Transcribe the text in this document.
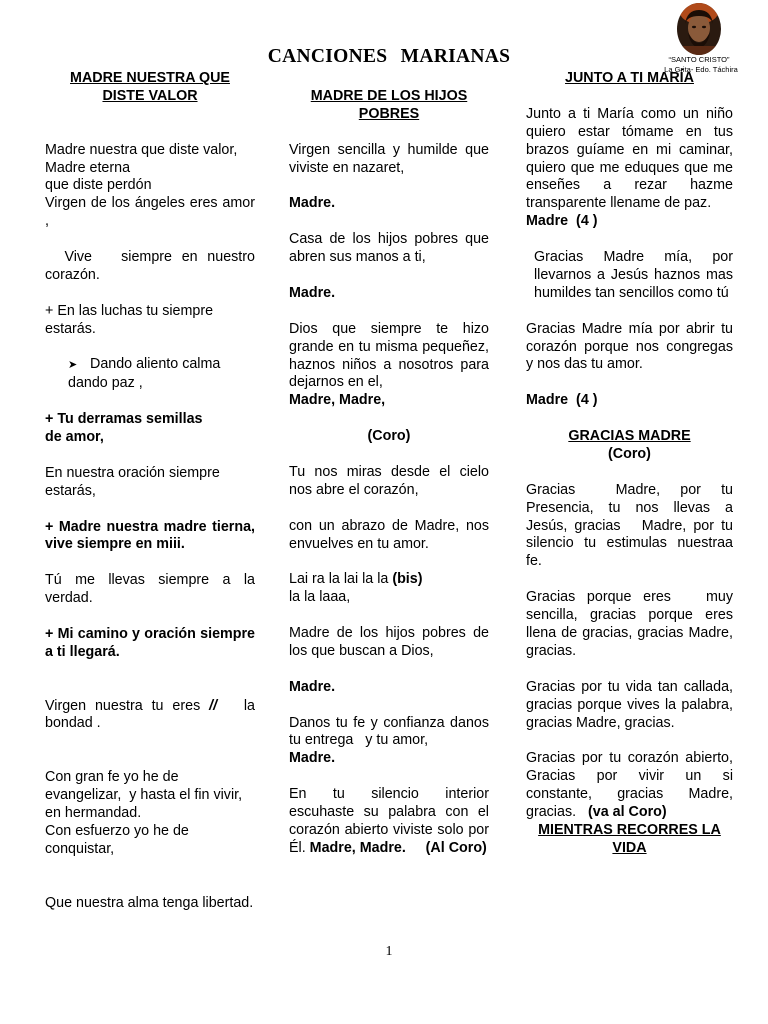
“SANTO CRISTO”
La Grita- Edo. Táchira
CANCIONES MARIANAS

MADRE NUESTRA QUE
DISTE VALOR

Madre nuestra que diste valor,

Madre eterna

que diste perdón

Virgen de los ángeles eres amor ,

Vive   siempre en nuestro corazón.

+ En las luchas tu siempre estarás.

➤ Dando aliento calma

dando paz ,

+ Tu derramas semillas

de amor,

En nuestra oración siempre estarás,

+ Madre nuestra madre tierna, vive siempre en miii.

Tú me llevas siempre a la verdad.

+ Mi camino y oración siempre a ti llegará.

Virgen nuestra tu eres //   la bondad .

Con gran fe yo he de evangelizar,  y hasta el fin vivir,     en hermandad.

Con esfuerzo yo he de conquistar,

Que nuestra alma tenga libertad.

MADRE DE LOS HIJOS
POBRES

Virgen sencilla y humilde que viviste en nazaret,

Madre.

Casa de los hijos pobres que abren sus manos a ti,

Madre.

Dios que siempre te hizo grande en tu misma pequeñez, haznos niños a nosotros para dejarnos en el,

Madre, Madre,

(Coro)

Tu nos miras desde el cielo nos abre el corazón,

con un abrazo de Madre, nos envuelves en tu amor.

Lai ra la lai la la (bis)

la la laaa,

Madre de los hijos pobres de los que buscan a Dios,

Madre.

Danos tu fe y confianza danos tu entrega   y tu amor,

Madre.

En tu silencio interior escuhaste su palabra con el corazón abierto viviste solo por Él. Madre, Madre.     (Al Coro)

JUNTO A TI MARÍA

Junto a ti María como un niño quiero estar tómame en tus brazos guíame en mi caminar, quiero que me eduques que me enseñes a rezar hazme transparente llename de paz.

Madre  (4 )

Gracias Madre mía, por llevarnos a Jesús haznos mas humildes tan sencillos como tú

Gracias Madre mía por abrir tu corazón porque nos congregas y nos das tu amor.

Madre  (4 )

GRACIAS MADRE

(Coro)

Gracias  Madre, por tu Presencia, tu nos llevas a Jesús, gracias   Madre, por tu silencio tu estimulas nuestraa fe.

Gracias porque eres   muy sencilla, gracias porque eres llena de gracias, gracias Madre, gracias.

Gracias por tu vida tan callada, gracias porque vives la palabra,   gracias Madre, gracias.

Gracias por tu corazón abierto, Gracias por vivir un si constante, gracias Madre, gracias.   (va al Coro)

MIENTRAS RECORRES LA VIDA

1
